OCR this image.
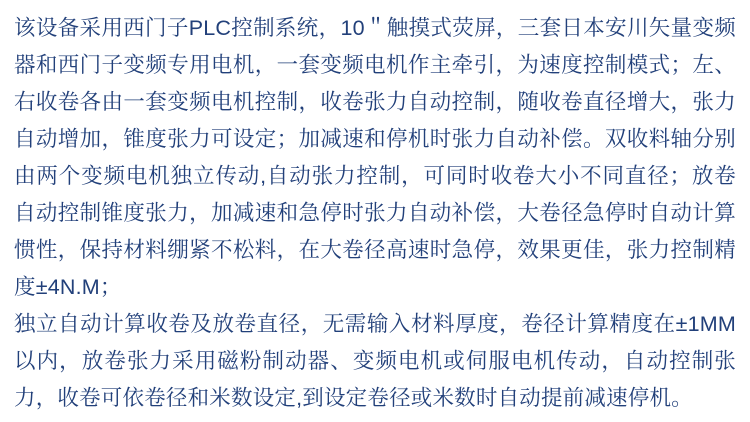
该设备采用西门子PLC控制系统，10＂触摸式荧屏，三套日本安川矢量变频器和西门子变频专用电机，一套变频电机作主牵引，为速度控制模式；左、右收卷各由一套变频电机控制，收卷张力自动控制，随收卷直径增大，张力自动增加，锥度张力可设定；加减速和停机时张力自动补偿。双收料轴分别由两个变频电机独立传动,自动张力控制，可同时收卷大小不同直径；放卷自动控制锥度张力，加减速和急停时张力自动补偿，大卷径急停时自动计算惯性，保持材料绷紧不松料，在大卷径高速时急停，效果更佳，张力控制精度±4N.M；

独立自动计算收卷及放卷直径，无需输入材料厚度，卷径计算精度在±1MM以内，放卷张力采用磁粉制动器、变频电机或伺服电机传动，自动控制张力，收卷可依卷径和米数设定,到设定卷径或米数时自动提前减速停机。
